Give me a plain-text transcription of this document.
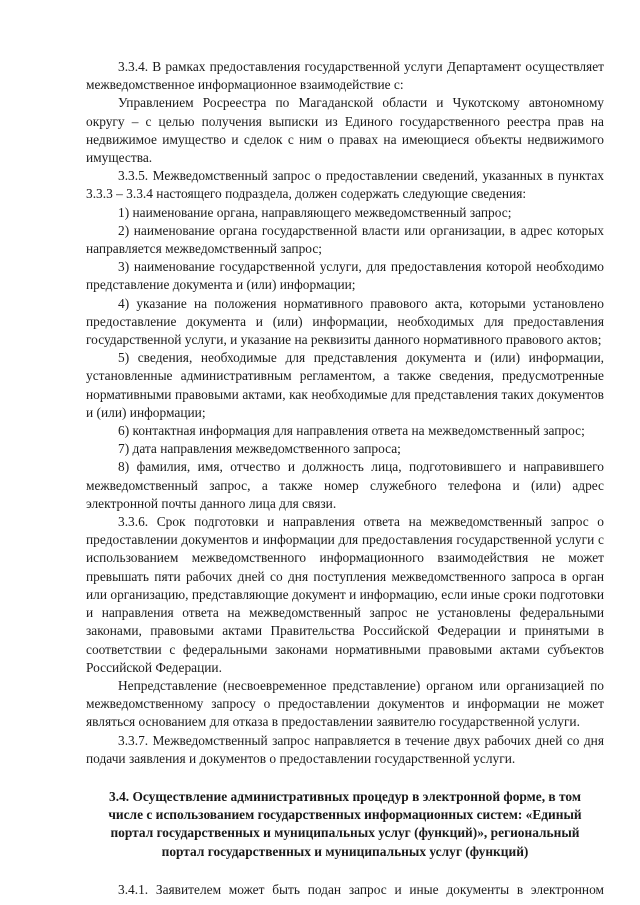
3.3.4. В рамках предоставления государственной услуги Департамент осуществляет межведомственное информационное взаимодействие с:

Управлением Росреестра по Магаданской области и Чукотскому автономному округу – с целью получения выписки из Единого государственного реестра прав на недвижимое имущество и сделок с ним о правах на имеющиеся объекты недвижимого имущества.

3.3.5. Межведомственный запрос о предоставлении сведений, указанных в пунктах 3.3.3 – 3.3.4 настоящего подраздела, должен содержать следующие сведения:

1) наименование органа, направляющего межведомственный запрос;

2) наименование органа государственной власти или организации, в адрес которых направляется межведомственный запрос;

3) наименование государственной услуги, для предоставления которой необходимо представление документа и (или) информации;

4) указание на положения нормативного правового акта, которыми установлено предоставление документа и (или) информации, необходимых для предоставления государственной услуги, и указание на реквизиты данного нормативного правового актов;

5) сведения, необходимые для представления документа и (или) информации, установленные административным регламентом, а также сведения, предусмотренные нормативными правовыми актами, как необходимые для представления таких документов и (или) информации;

6) контактная информация для направления ответа на межведомственный запрос;

7) дата направления межведомственного запроса;

8) фамилия, имя, отчество и должность лица, подготовившего и направившего межведомственный запрос, а также номер служебного телефона и (или) адрес электронной почты данного лица для связи.

3.3.6. Срок подготовки и направления ответа на межведомственный запрос о предоставлении документов и информации для предоставления государственной услуги с использованием межведомственного информационного взаимодействия не может превышать пяти рабочих дней со дня поступления межведомственного запроса в орган или организацию, представляющие документ и информацию, если иные сроки подготовки и направления ответа на межведомственный запрос не установлены федеральными законами, правовыми актами Правительства Российской Федерации и принятыми в соответствии с федеральными законами нормативными правовыми актами субъектов Российской Федерации.

Непредставление (несвоевременное представление) органом или организацией по межведомственному запросу о предоставлении документов и информации не может являться основанием для отказа в предоставлении заявителю государственной услуги.

3.3.7. Межведомственный запрос направляется в течение двух рабочих дней со дня подачи заявления и документов о предоставлении государственной услуги.

3.4. Осуществление административных процедур в электронной форме, в том числе с использованием государственных информационных систем: «Единый портал государственных и муниципальных услуг (функций)», региональный портал государственных и муниципальных услуг (функций)

3.4.1. Заявителем может быть подан запрос и иные документы в электронном
